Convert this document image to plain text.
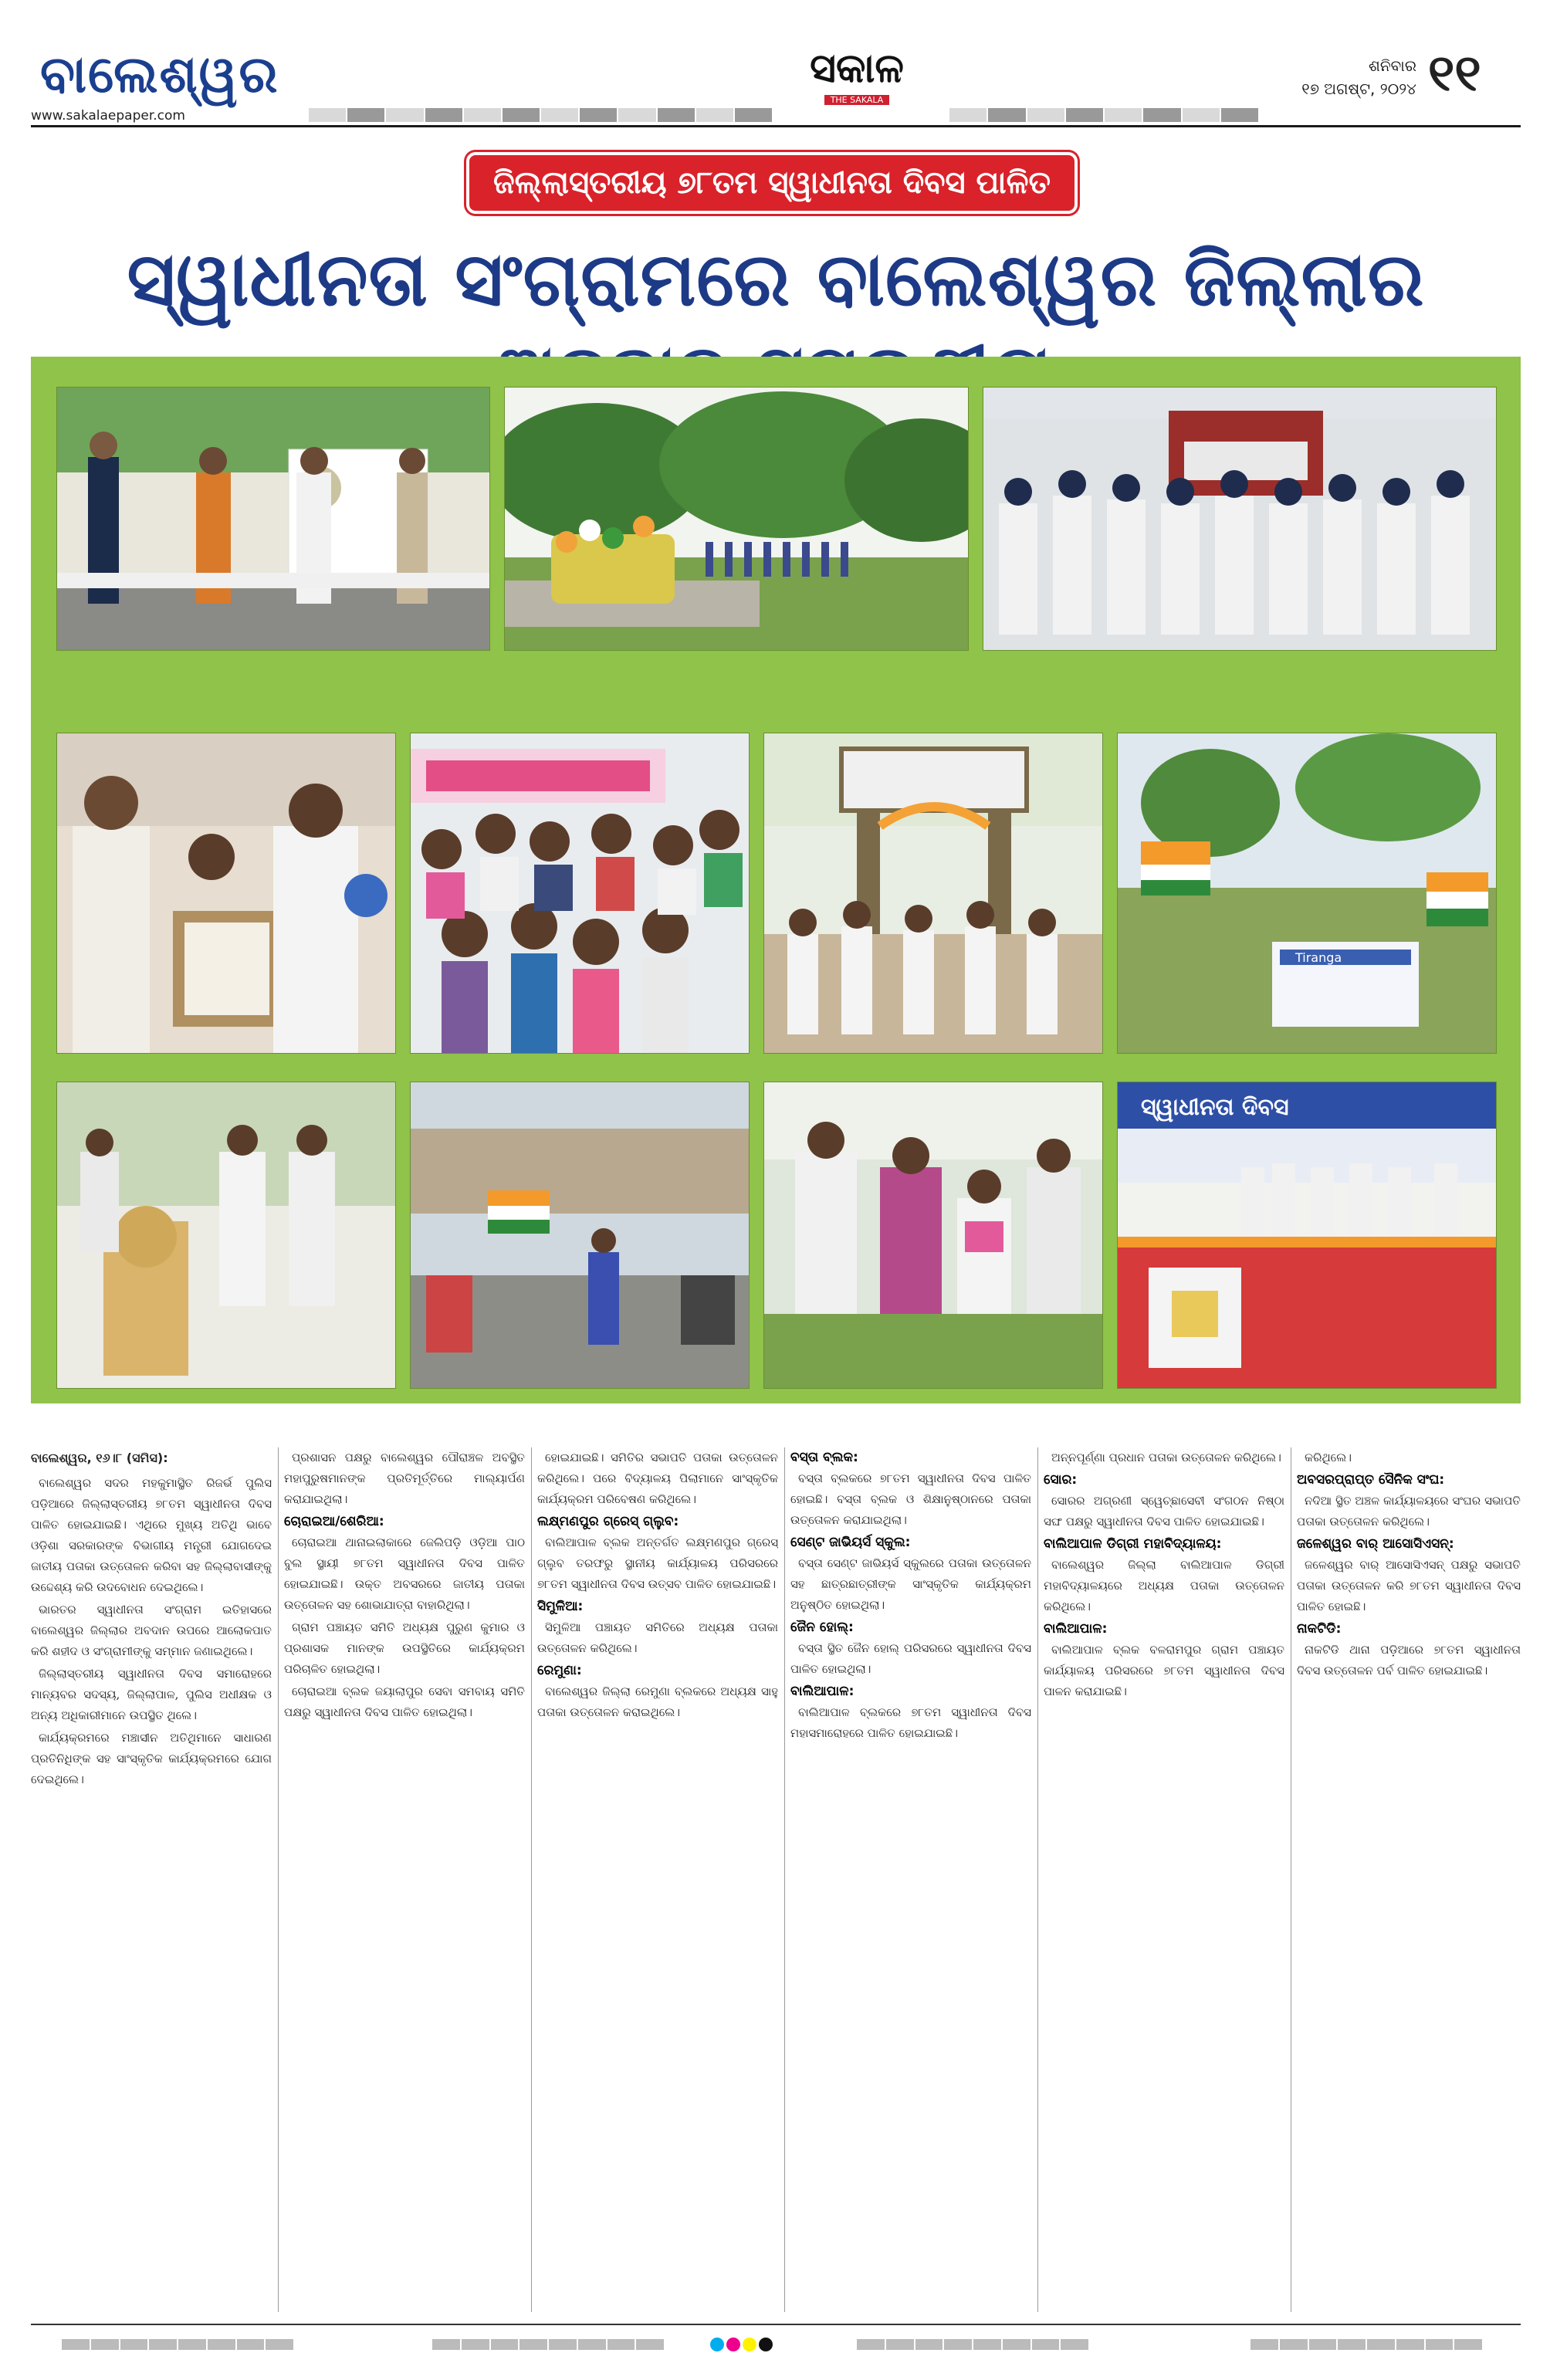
ବାଲେଶ୍ୱର
www.sakalaepaper.com
ସକାଳ
THE SAKALA
ଶନିବାର
୧୭ ଅଗଷ୍ଟ, ୨୦୨୪ ୧୧
ଜିଲ୍ଲାସ୍ତରୀୟ ୭୮ତମ ସ୍ୱାଧୀନତା ଦିବସ ପାଳିତ
ସ୍ୱାଧୀନତା ସଂଗ୍ରାମରେ ବାଲେଶ୍ୱର ଜିଲ୍ଲାର
Tiranga
ସ୍ୱାଧୀନତା ଦିବସ
ବାଲେଶ୍ୱର, ୧୬।୮ (ସମିସ):

ବାଲେଶ୍ୱର ସଦର ମହକୁମାସ୍ଥିତ ରିଜର୍ଭ ପୁଲିସ ପଡ଼ିଆରେ ଜିଲ୍ଲାସ୍ତରୀୟ ୭୮ତମ ସ୍ୱାଧୀନତା ଦିବସ ପାଳିତ ହୋଇଯାଇଛି। ଏଥିରେ ମୁଖ୍ୟ ଅତିଥି ଭାବେ ଓଡ଼ିଶା ସରକାରଙ୍କ ବିଭାଗୀୟ ମନ୍ତ୍ରୀ ଯୋଗଦେଇ ଜାତୀୟ ପତାକା ଉତ୍ତୋଳନ କରିବା ସହ ଜିଲ୍ଲାବାସୀଙ୍କୁ ଉଦ୍ଦେଶ୍ୟ କରି ଉଦବୋଧନ ଦେଇଥିଲେ।

ଭାରତର ସ୍ୱାଧୀନତା ସଂଗ୍ରାମ ଇତିହାସରେ ବାଲେଶ୍ୱର ଜିଲ୍ଲାର ଅବଦାନ ଉପରେ ଆଲୋକପାତ କରି ଶହୀଦ ଓ ସଂଗ୍ରାମୀଙ୍କୁ ସମ୍ମାନ ଜଣାଇଥିଲେ।

ଜିଲ୍ଲାସ୍ତରୀୟ ସ୍ୱାଧୀନତା ଦିବସ ସମାରୋହରେ ମାନ୍ୟବର ସଦସ୍ୟ, ଜିଲ୍ଲାପାଳ, ପୁଲିସ ଅଧୀକ୍ଷକ ଓ ଅନ୍ୟ ଅଧିକାରୀମାନେ ଉପସ୍ଥିତ ଥିଲେ।

କାର୍ଯ୍ୟକ୍ରମରେ ମଞ୍ଚାସୀନ ଅତିଥିମାନେ ସାଧାରଣ ପ୍ରତିନିଧିଙ୍କ ସହ ସାଂସ୍କୃତିକ କାର୍ଯ୍ୟକ୍ରମରେ ଯୋଗ ଦେଇଥିଲେ।

ପ୍ରଶାସନ ପକ୍ଷରୁ ବାଲେଶ୍ୱର ପୌରାଞ୍ଚଳ ଅବସ୍ଥିତ ମହାପୁରୁଷମାନଙ୍କ ପ୍ରତିମୂର୍ତ୍ତିରେ ମାଲ୍ୟାର୍ପଣ କରାଯାଇଥିଲା।

ଚୋରାଇଆ/ଶେରିଆ:

ଚୋରାଇଆ ଥାନାଇଲାକାରେ ଜେଲିପଡ଼ି ଓଡ଼ିଆ ପାଠ ବୁଲ ସ୍ଥାୟୀ ୭୮ତମ ସ୍ୱାଧୀନତା ଦିବସ ପାଳିତ ହୋଇଯାଇଛି। ଉକ୍ତ ଅବସରରେ ଜାତୀୟ ପତାକା ଉତ୍ତୋଳନ ସହ ଶୋଭାଯାତ୍ରା ବାହାରିଥିଲା।

ଗ୍ରାମ ପଞ୍ଚାୟତ ସମିତି ଅଧ୍ୟକ୍ଷ ପୁରୁଣ କୁମାର ଓ ପ୍ରଶାସକ ମାନଙ୍କ ଉପସ୍ଥିତିରେ କାର୍ଯ୍ୟକ୍ରମ ପରିଚାଳିତ ହୋଇଥିଲା।

ଚୋରାଇଆ ବ୍ଲକ ଜୟାଲାପୁର ସେବା ସମବାୟ ସମିତି ପକ୍ଷରୁ ସ୍ୱାଧୀନତା ଦିବସ ପାଳିତ ହୋଇଥିଲା।

ହୋଇଯାଇଛି। ସମିତିର ସଭାପତି ପତାକା ଉତ୍ତୋଳନ କରିଥିଲେ। ପରେ ବିଦ୍ୟାଳୟ ପିଲାମାନେ ସାଂସ୍କୃତିକ କାର୍ଯ୍ୟକ୍ରମ ପରିବେଷଣ କରିଥିଲେ।

ଲକ୍ଷ୍ମଣପୁର ଗ୍ରେସ୍ ଗ୍ଲୁବ:

ବାଲିଆପାଳ ବ୍ଲକ ଅନ୍ତର୍ଗତ ଲକ୍ଷ୍ମଣପୁର ଗ୍ରେସ୍ ଗ୍ଲୁବ ତରଫରୁ ସ୍ଥାନୀୟ କାର୍ଯ୍ୟାଳୟ ପରିସରରେ ୭୮ତମ ସ୍ୱାଧୀନତା ଦିବସ ଉତ୍ସବ ପାଳିତ ହୋଇଯାଇଛି।

ସିମୁଳିଆ:

ସିମୁଳିଆ ପଞ୍ଚାୟତ ସମିତିରେ ଅଧ୍ୟକ୍ଷ ପତାକା ଉତ୍ତୋଳନ କରିଥିଲେ।

ରେମୁଣା:

ବାଲେଶ୍ୱର ଜିଲ୍ଲା ରେମୁଣା ବ୍ଲକରେ ଅଧ୍ୟକ୍ଷ ସାହୁ ପତାକା ଉତ୍ତୋଳନ କରାଇଥିଲେ।

ବସ୍ତା ବ୍ଲକ:

ବସ୍ତା ବ୍ଲକରେ ୭୮ତମ ସ୍ୱାଧୀନତା ଦିବସ ପାଳିତ ହୋଇଛି। ବସ୍ତା ବ୍ଲକ ଓ ଶିକ୍ଷାନୁଷ୍ଠାନରେ ପତାକା ଉତ୍ତୋଳନ କରାଯାଇଥିଲା।

ସେଣ୍ଟ ଜାଭିୟର୍ସ ସ୍କୁଲ:

ବସ୍ତା ସେଣ୍ଟ ଜାଭିୟର୍ସ ସ୍କୁଲରେ ପତାକା ଉତ୍ତୋଳନ ସହ ଛାତ୍ରଛାତ୍ରୀଙ୍କ ସାଂସ୍କୃତିକ କାର୍ଯ୍ୟକ୍ରମ ଅନୁଷ୍ଠିତ ହୋଇଥିଲା।

ଜୈନ ହୋଲ୍:

ବସ୍ତା ସ୍ଥିତ ଜୈନ ହୋଲ୍ ପରିସରରେ ସ୍ୱାଧୀନତା ଦିବସ ପାଳିତ ହୋଇଥିଲା।

ବାଲିଆପାଳ:

ବାଲିଆପାଳ ବ୍ଲକରେ ୭୮ତମ ସ୍ୱାଧୀନତା ଦିବସ ମହାସମାରୋହରେ ପାଳିତ ହୋଇଯାଇଛି।

ଅନ୍ନପୂର୍ଣ୍ଣା ପ୍ରଧାନ ପତାକା ଉତ୍ତୋଳନ କରିଥିଲେ।

ସୋର:

ସୋରର ଅଗ୍ରଣୀ ସ୍ୱେଚ୍ଛାସେବୀ ସଂଗଠନ ନିଷ୍ଠା ସଙ୍ଘ ପକ୍ଷରୁ ସ୍ୱାଧୀନତା ଦିବସ ପାଳିତ ହୋଇଯାଇଛି।

ବାଲିଆପାଳ ଡିଗ୍ରୀ ମହାବିଦ୍ୟାଳୟ:

ବାଲେଶ୍ୱର ଜିଲ୍ଲା ବାଲିଆପାଳ ଡିଗ୍ରୀ ମହାବିଦ୍ୟାଳୟରେ ଅଧ୍ୟକ୍ଷ ପତାକା ଉତ୍ତୋଳନ କରିଥିଲେ।

ବାଲିଆପାଳ:

ବାଲିଆପାଳ ବ୍ଲକ ବଳରାମପୁର ଗ୍ରାମ ପଞ୍ଚାୟତ କାର୍ଯ୍ୟାଳୟ ପରିସରରେ ୭୮ତମ ସ୍ୱାଧୀନତା ଦିବସ ପାଳନ କରାଯାଇଛି।

କରିଥିଲେ।

ଅବସରପ୍ରାପ୍ତ ସୈନିକ ସଂଘ:

ନଦିଆ ସ୍ଥିତ ଅଞ୍ଚଳ କାର୍ଯ୍ୟାଳୟରେ ସଂଘର ସଭାପତି ପତାକା ଉତ୍ତୋଳନ କରିଥିଲେ।

ଜଳେଶ୍ୱର ବାର୍ ଆସୋସିଏସନ୍:

ଜଳେଶ୍ୱର ବାର୍ ଆସୋସିଏସନ୍ ପକ୍ଷରୁ ସଭାପତି ପତାକା ଉତ୍ତୋଳନ କରି ୭୮ତମ ସ୍ୱାଧୀନତା ଦିବସ ପାଳିତ ହୋଇଛି।

ନାକଟିଡି:

ନାକଟିଡି ଥାନା ପଡ଼ିଆରେ ୭୮ତମ ସ୍ୱାଧୀନତା ଦିବସ ଉତ୍ତୋଳନ ପର୍ବ ପାଳିତ ହୋଇଯାଇଛି।
